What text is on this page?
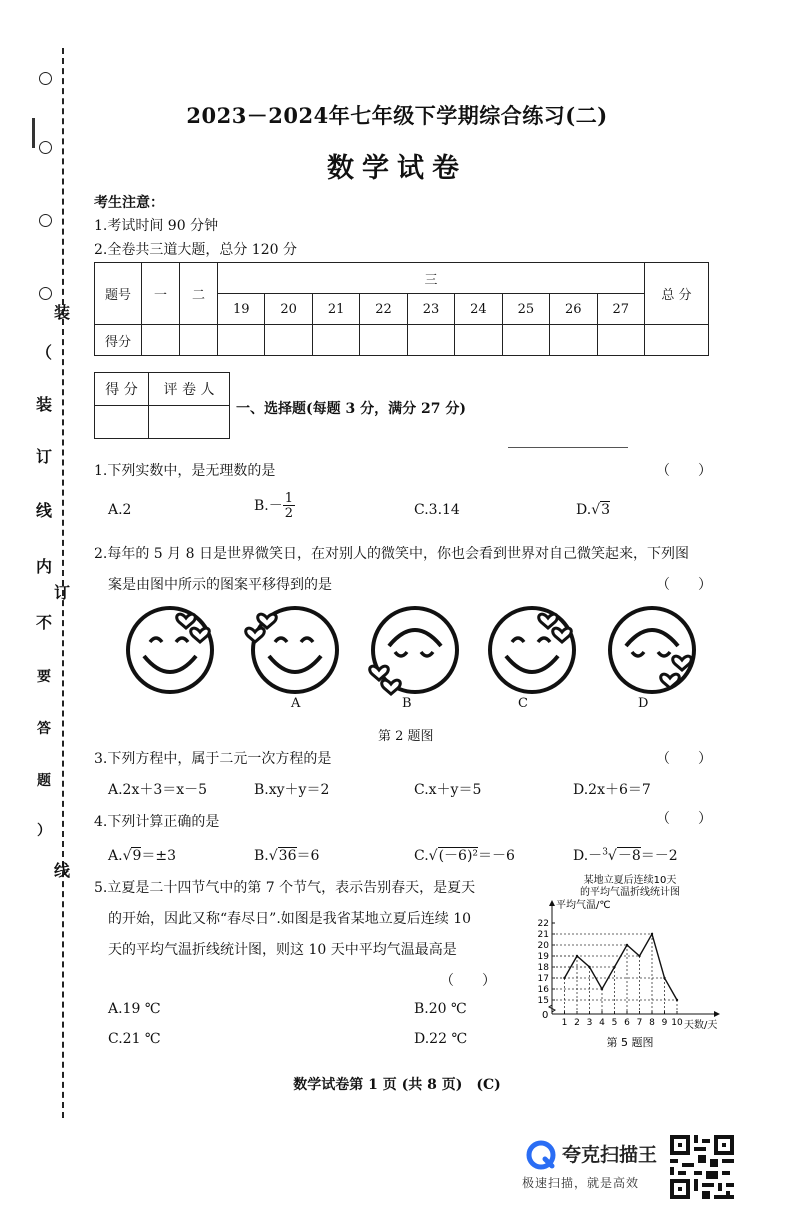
装
订
线
（
装
订
线
内
不
要
答
题
）
2023－2024年七年级下学期综合练习(二)
数学试卷
考生注意：
1.考试时间 90 分钟
2.全卷共三道大题，总分 120 分
题号	一	二	三									总 分
			19	20	21	22	23	24	25	26	27	
得分												
得 分	评 卷 人

一、选择题(每题 3 分，满分 27 分)
1.下列实数中，是无理数的是	（　　）
A.2	$B.- \frac{1}{2}$	C.3.14	D.√3
2.每年的 5 月 8 日是世界微笑日，在对别人的微笑中，你也会看到世界对自己微笑起来，下列图
案是由图中所示的图案平移得到的是	（　　）
A	B	C	D
第 2 题图
3.下列方程中，属于二元一次方程的是	（　　）
A.2x＋3＝x－5	B.xy＋y＝2	C.x＋y＝5	D.2x＋6＝7
4.下列计算正确的是	（　　）
A.√9＝±3	B.√36＝6	C.√(－6)²＝－6	D.－$^3$√－8＝－2
5.立夏是二十四节气中的第 7 个节气，表示告别春天，是夏天
的开始，因此又称“春尽日”.如图是我省某地立夏后连续 10
天的平均气温折线统计图，则这 10 天中平均气温最高是
（　　）
A.19 ℃	B.20 ℃
C.21 ℃	D.22 ℃
某地立夏后连续10天
的平均气温折线统计图
平均气温/℃
天数/天
0
15
16
17
18
19
20
21
22
1 2 3 4 5 6 7 8 9 10
第 5 题图
数学试卷第 1 页 (共 8 页)　(C)
夸克扫描王
极速扫描，就是高效
